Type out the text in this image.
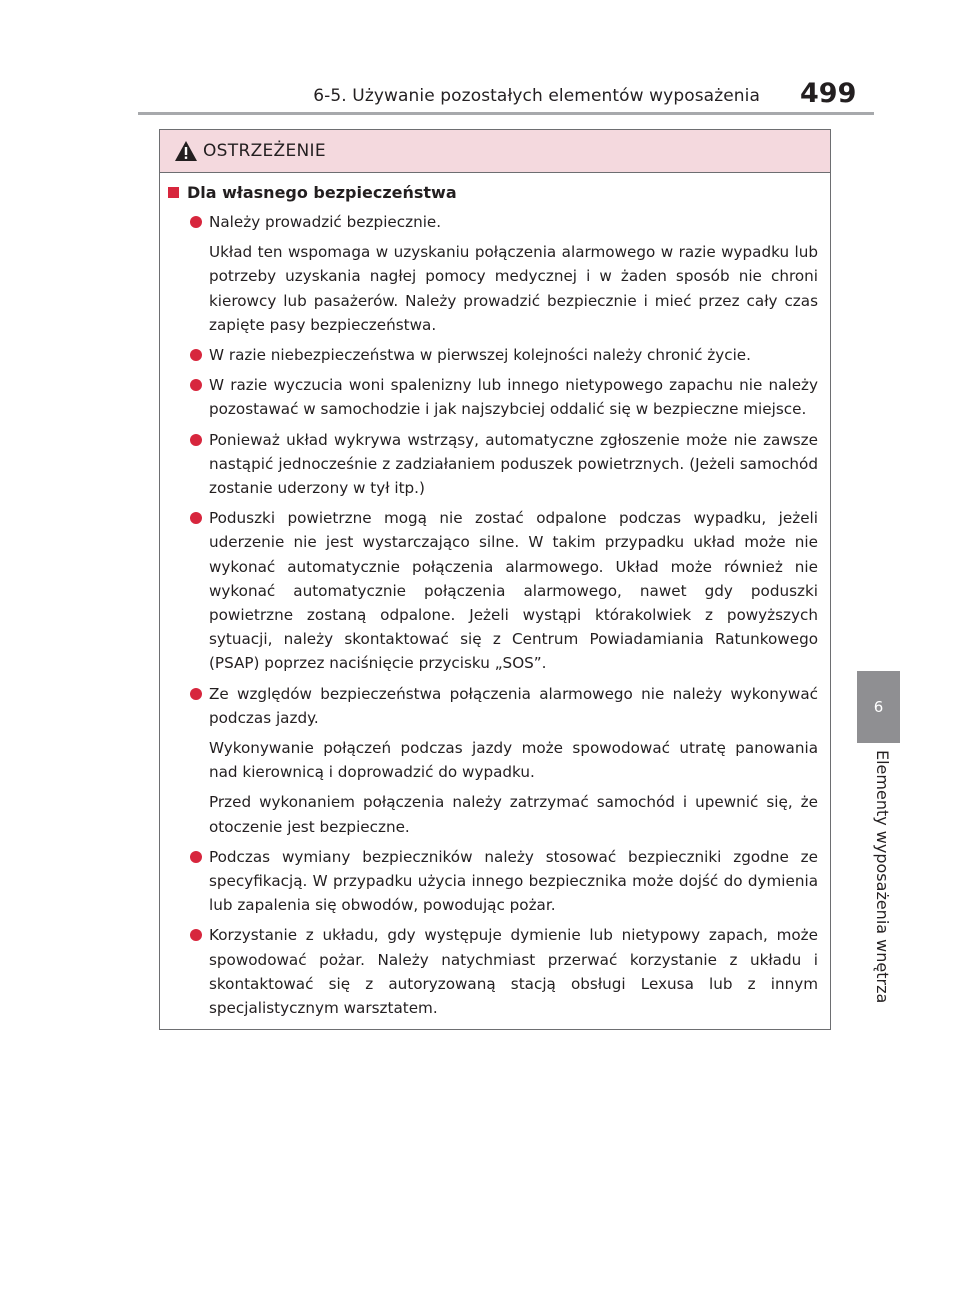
6-5. Używanie pozostałych elementów wyposażenia 499
6
Elementy wyposażenia wnętrza
OSTRZEŻENIE
Dla własnego bezpieczeństwa

Należy prowadzić bezpiecznie.

Układ ten wspomaga w uzyskaniu połączenia alarmowego w razie wypadku lub potrzeby uzyskania nagłej pomocy medycznej i w żaden sposób nie chroni kierowcy lub pasażerów. Należy prowadzić bezpiecznie i mieć przez cały czas zapięte pasy bezpieczeństwa.

W razie niebezpieczeństwa w pierwszej kolejności należy chronić życie.

W razie wyczucia woni spalenizny lub innego nietypowego zapachu nie należy pozostawać w samochodzie i jak najszybciej oddalić się w bezpieczne miejsce.

Ponieważ układ wykrywa wstrząsy, automatyczne zgłoszenie może nie zawsze nastąpić jednocześnie z zadziałaniem poduszek powietrznych. (Jeżeli samochód zostanie uderzony w tył itp.)

Poduszki powietrzne mogą nie zostać odpalone podczas wypadku, jeżeli uderzenie nie jest wystarczająco silne. W takim przypadku układ może nie wykonać automatycznie połączenia alarmowego. Układ może również nie wykonać automatycznie połączenia alarmowego, nawet gdy poduszki powietrzne zostaną odpalone. Jeżeli wystąpi którakolwiek z powyższych sytuacji, należy skontaktować się z Centrum Powiadamiania Ratunkowego (PSAP) poprzez naciśnięcie przycisku „SOS”.

Ze względów bezpieczeństwa połączenia alarmowego nie należy wykonywać podczas jazdy.

Wykonywanie połączeń podczas jazdy może spowodować utratę panowania nad kierownicą i doprowadzić do wypadku.

Przed wykonaniem połączenia należy zatrzymać samochód i upewnić się, że otoczenie jest bezpieczne.

Podczas wymiany bezpieczników należy stosować bezpieczniki zgodne ze specyfikacją. W przypadku użycia innego bezpiecznika może dojść do dymienia lub zapalenia się obwodów, powodując pożar.

Korzystanie z układu, gdy występuje dymienie lub nietypowy zapach, może spowodować pożar. Należy natychmiast przerwać korzystanie z układu i skontaktować się z autoryzowaną stacją obsługi Lexusa lub z innym specjalistycznym warsztatem.
